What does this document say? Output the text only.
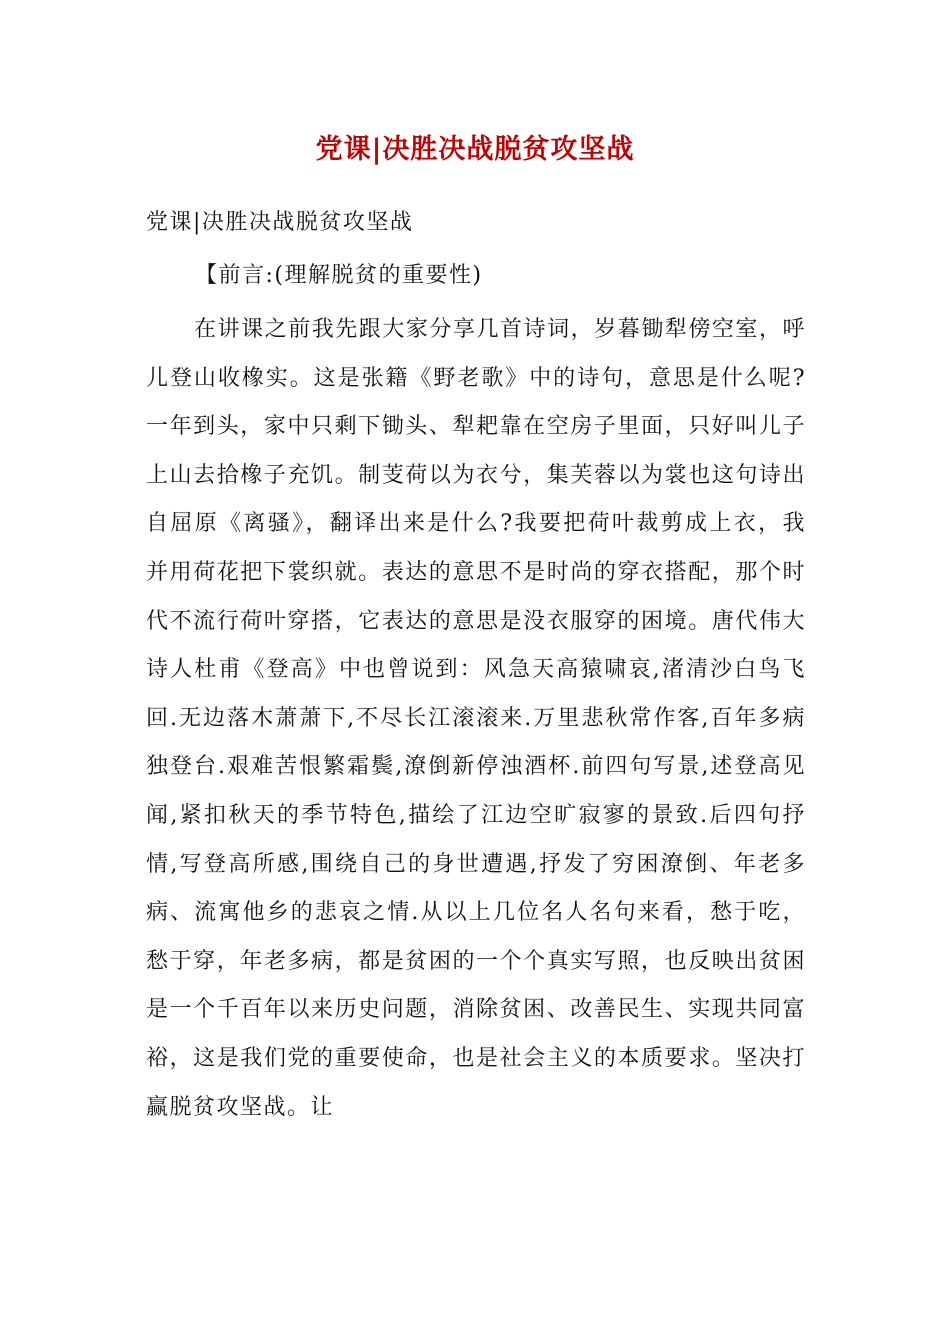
党课|决胜决战脱贫攻坚战
党课|决胜决战脱贫攻坚战
【前言:(理解脱贫的重要性)
在讲课之前我先跟大家分享几首诗词，岁暮锄犁傍空室，呼儿登山收橡实。这是张籍《野老歌》中的诗句，意思是什么呢?一年到头，家中只剩下锄头、犁耙靠在空房子里面，只好叫儿子上山去拾橡子充饥。制芰荷以为衣兮，集芙蓉以为裳也这句诗出自屈原《离骚》，翻译出来是什么?我要把荷叶裁剪成上衣，我并用荷花把下裳织就。表达的意思不是时尚的穿衣搭配，那个时代不流行荷叶穿搭，它表达的意思是没衣服穿的困境。唐代伟大诗人杜甫《登高》中也曾说到：风急天高猿啸哀,渚清沙白鸟飞回.无边落木萧萧下,不尽长江滚滚来.万里悲秋常作客,百年多病独登台.艰难苦恨繁霜鬓,潦倒新停浊酒杯.前四句写景,述登高见闻,紧扣秋天的季节特色,描绘了江边空旷寂寥的景致.后四句抒情,写登高所感,围绕自己的身世遭遇,抒发了穷困潦倒、年老多病、流寓他乡的悲哀之情.从以上几位名人名句来看，愁于吃，愁于穿，年老多病，都是贫困的一个个真实写照，也反映出贫困是一个千百年以来历史问题，消除贫困、改善民生、实现共同富裕，这是我们党的重要使命，也是社会主义的本质要求。坚决打赢脱贫攻坚战。让
